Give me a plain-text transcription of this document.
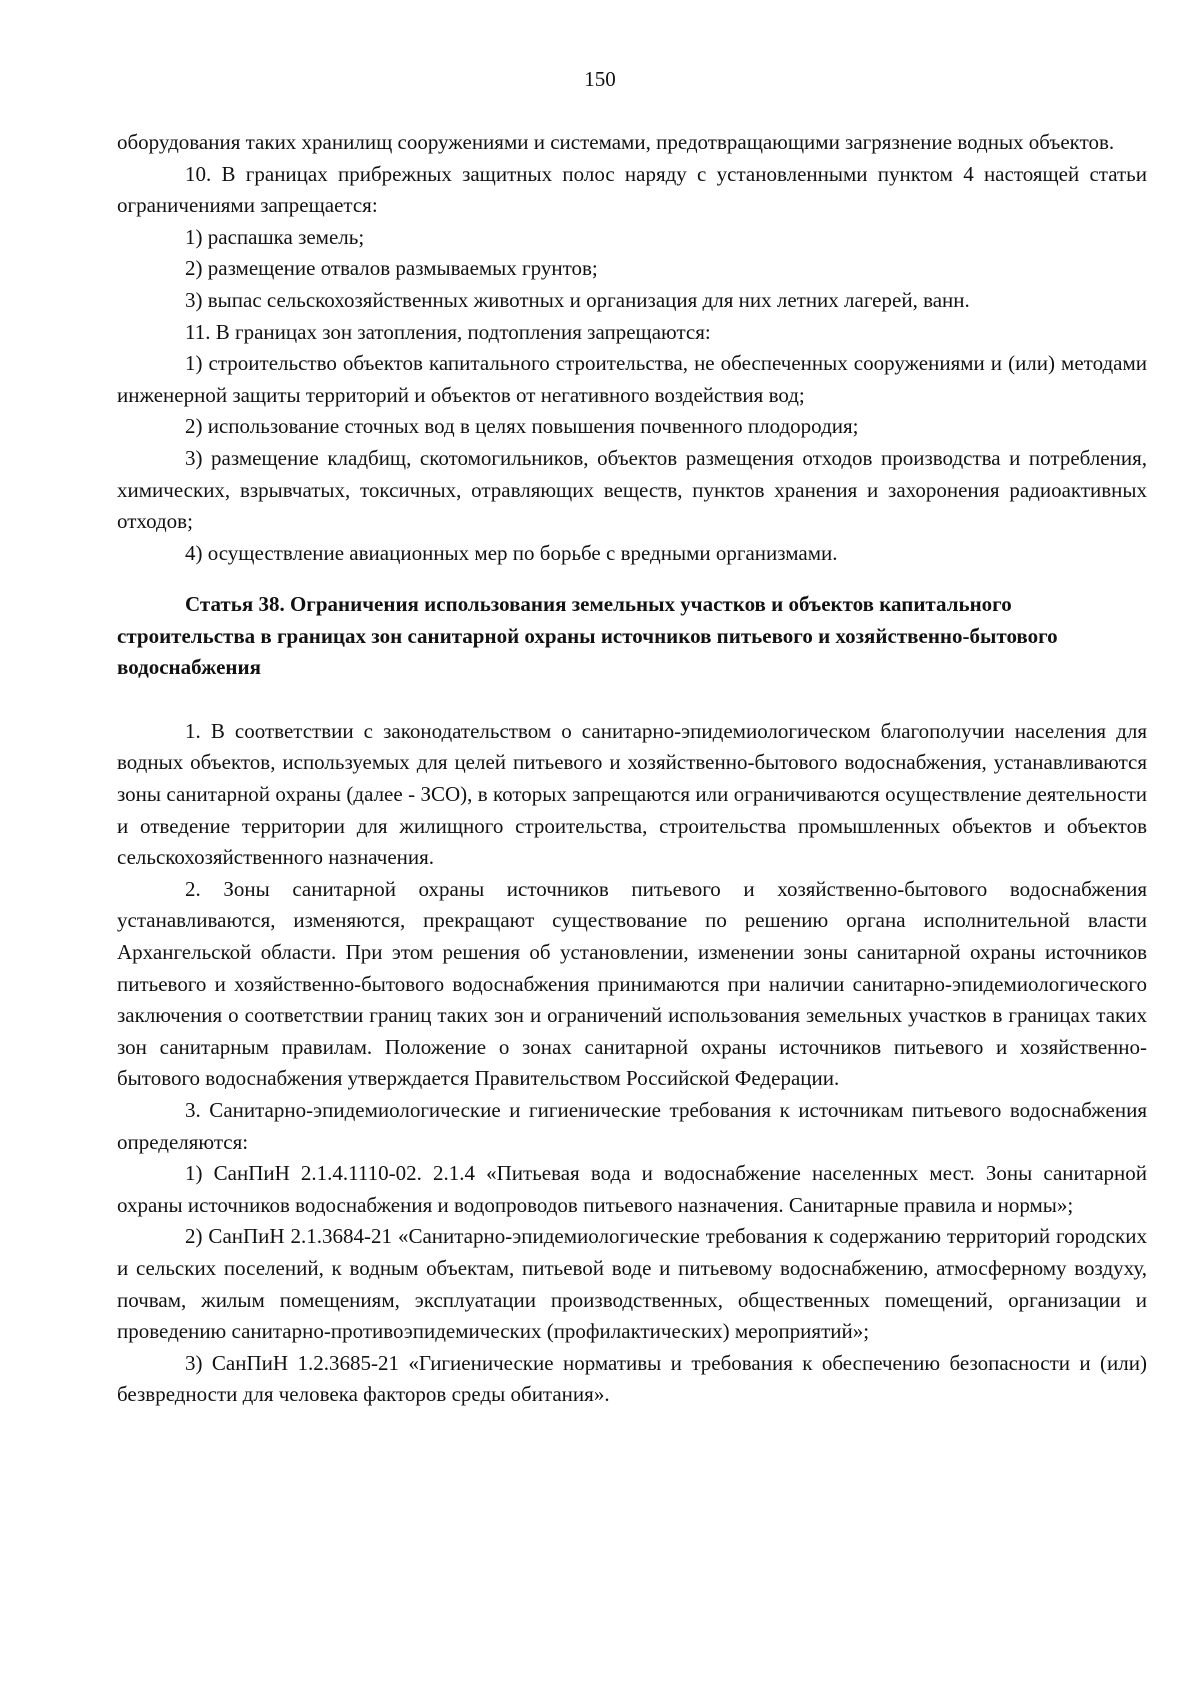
150

оборудования таких хранилищ сооружениями и системами, предотвращающими загрязнение водных объектов.

10. В границах прибрежных защитных полос наряду с установленными пунктом 4 настоящей статьи ограничениями запрещается:

1) распашка земель;

2) размещение отвалов размываемых грунтов;

3) выпас сельскохозяйственных животных и организация для них летних лагерей, ванн.

11. В границах зон затопления, подтопления запрещаются:

1) строительство объектов капитального строительства, не обеспеченных сооружениями и (или) методами инженерной защиты территорий и объектов от негативного воздействия вод;

2) использование сточных вод в целях повышения почвенного плодородия;

3) размещение кладбищ, скотомогильников, объектов размещения отходов производства и потребления, химических, взрывчатых, токсичных, отравляющих веществ, пунктов хранения и захоронения радиоактивных отходов;

4) осуществление авиационных мер по борьбе с вредными организмами.

Статья 38. Ограничения использования земельных участков и объектов капитального строительства в границах зон санитарной охраны источников питьевого и хозяйственно-бытового водоснабжения

1. В соответствии с законодательством о санитарно-эпидемиологическом благополучии населения для водных объектов, используемых для целей питьевого и хозяйственно-бытового водоснабжения, устанавливаются зоны санитарной охраны (далее - ЗСО), в которых запрещаются или ограничиваются осуществление деятельности и отведение территории для жилищного строительства, строительства промышленных объектов и объектов сельскохозяйственного назначения.

2. Зоны санитарной охраны источников питьевого и хозяйственно-бытового водоснабжения устанавливаются, изменяются, прекращают существование по решению органа исполнительной власти Архангельской области. При этом решения об установлении, изменении зоны санитарной охраны источников питьевого и хозяйственно-бытового водоснабжения принимаются при наличии санитарно-эпидемиологического заключения о соответствии границ таких зон и ограничений использования земельных участков в границах таких зон санитарным правилам. Положение о зонах санитарной охраны источников питьевого и хозяйственно-бытового водоснабжения утверждается Правительством Российской Федерации.

3. Санитарно-эпидемиологические и гигиенические требования к источникам питьевого водоснабжения определяются:

1) СанПиН 2.1.4.1110-02. 2.1.4 «Питьевая вода и водоснабжение населенных мест. Зоны санитарной охраны источников водоснабжения и водопроводов питьевого назначения. Санитарные правила и нормы»;

2) СанПиН 2.1.3684-21 «Санитарно-эпидемиологические требования к содержанию территорий городских и сельских поселений, к водным объектам, питьевой воде и питьевому водоснабжению, атмосферному воздуху, почвам, жилым помещениям, эксплуатации производственных, общественных помещений, организации и проведению санитарно-противоэпидемических (профилактических) мероприятий»;

3) СанПиН 1.2.3685-21 «Гигиенические нормативы и требования к обеспечению безопасности и (или) безвредности для человека факторов среды обитания».
